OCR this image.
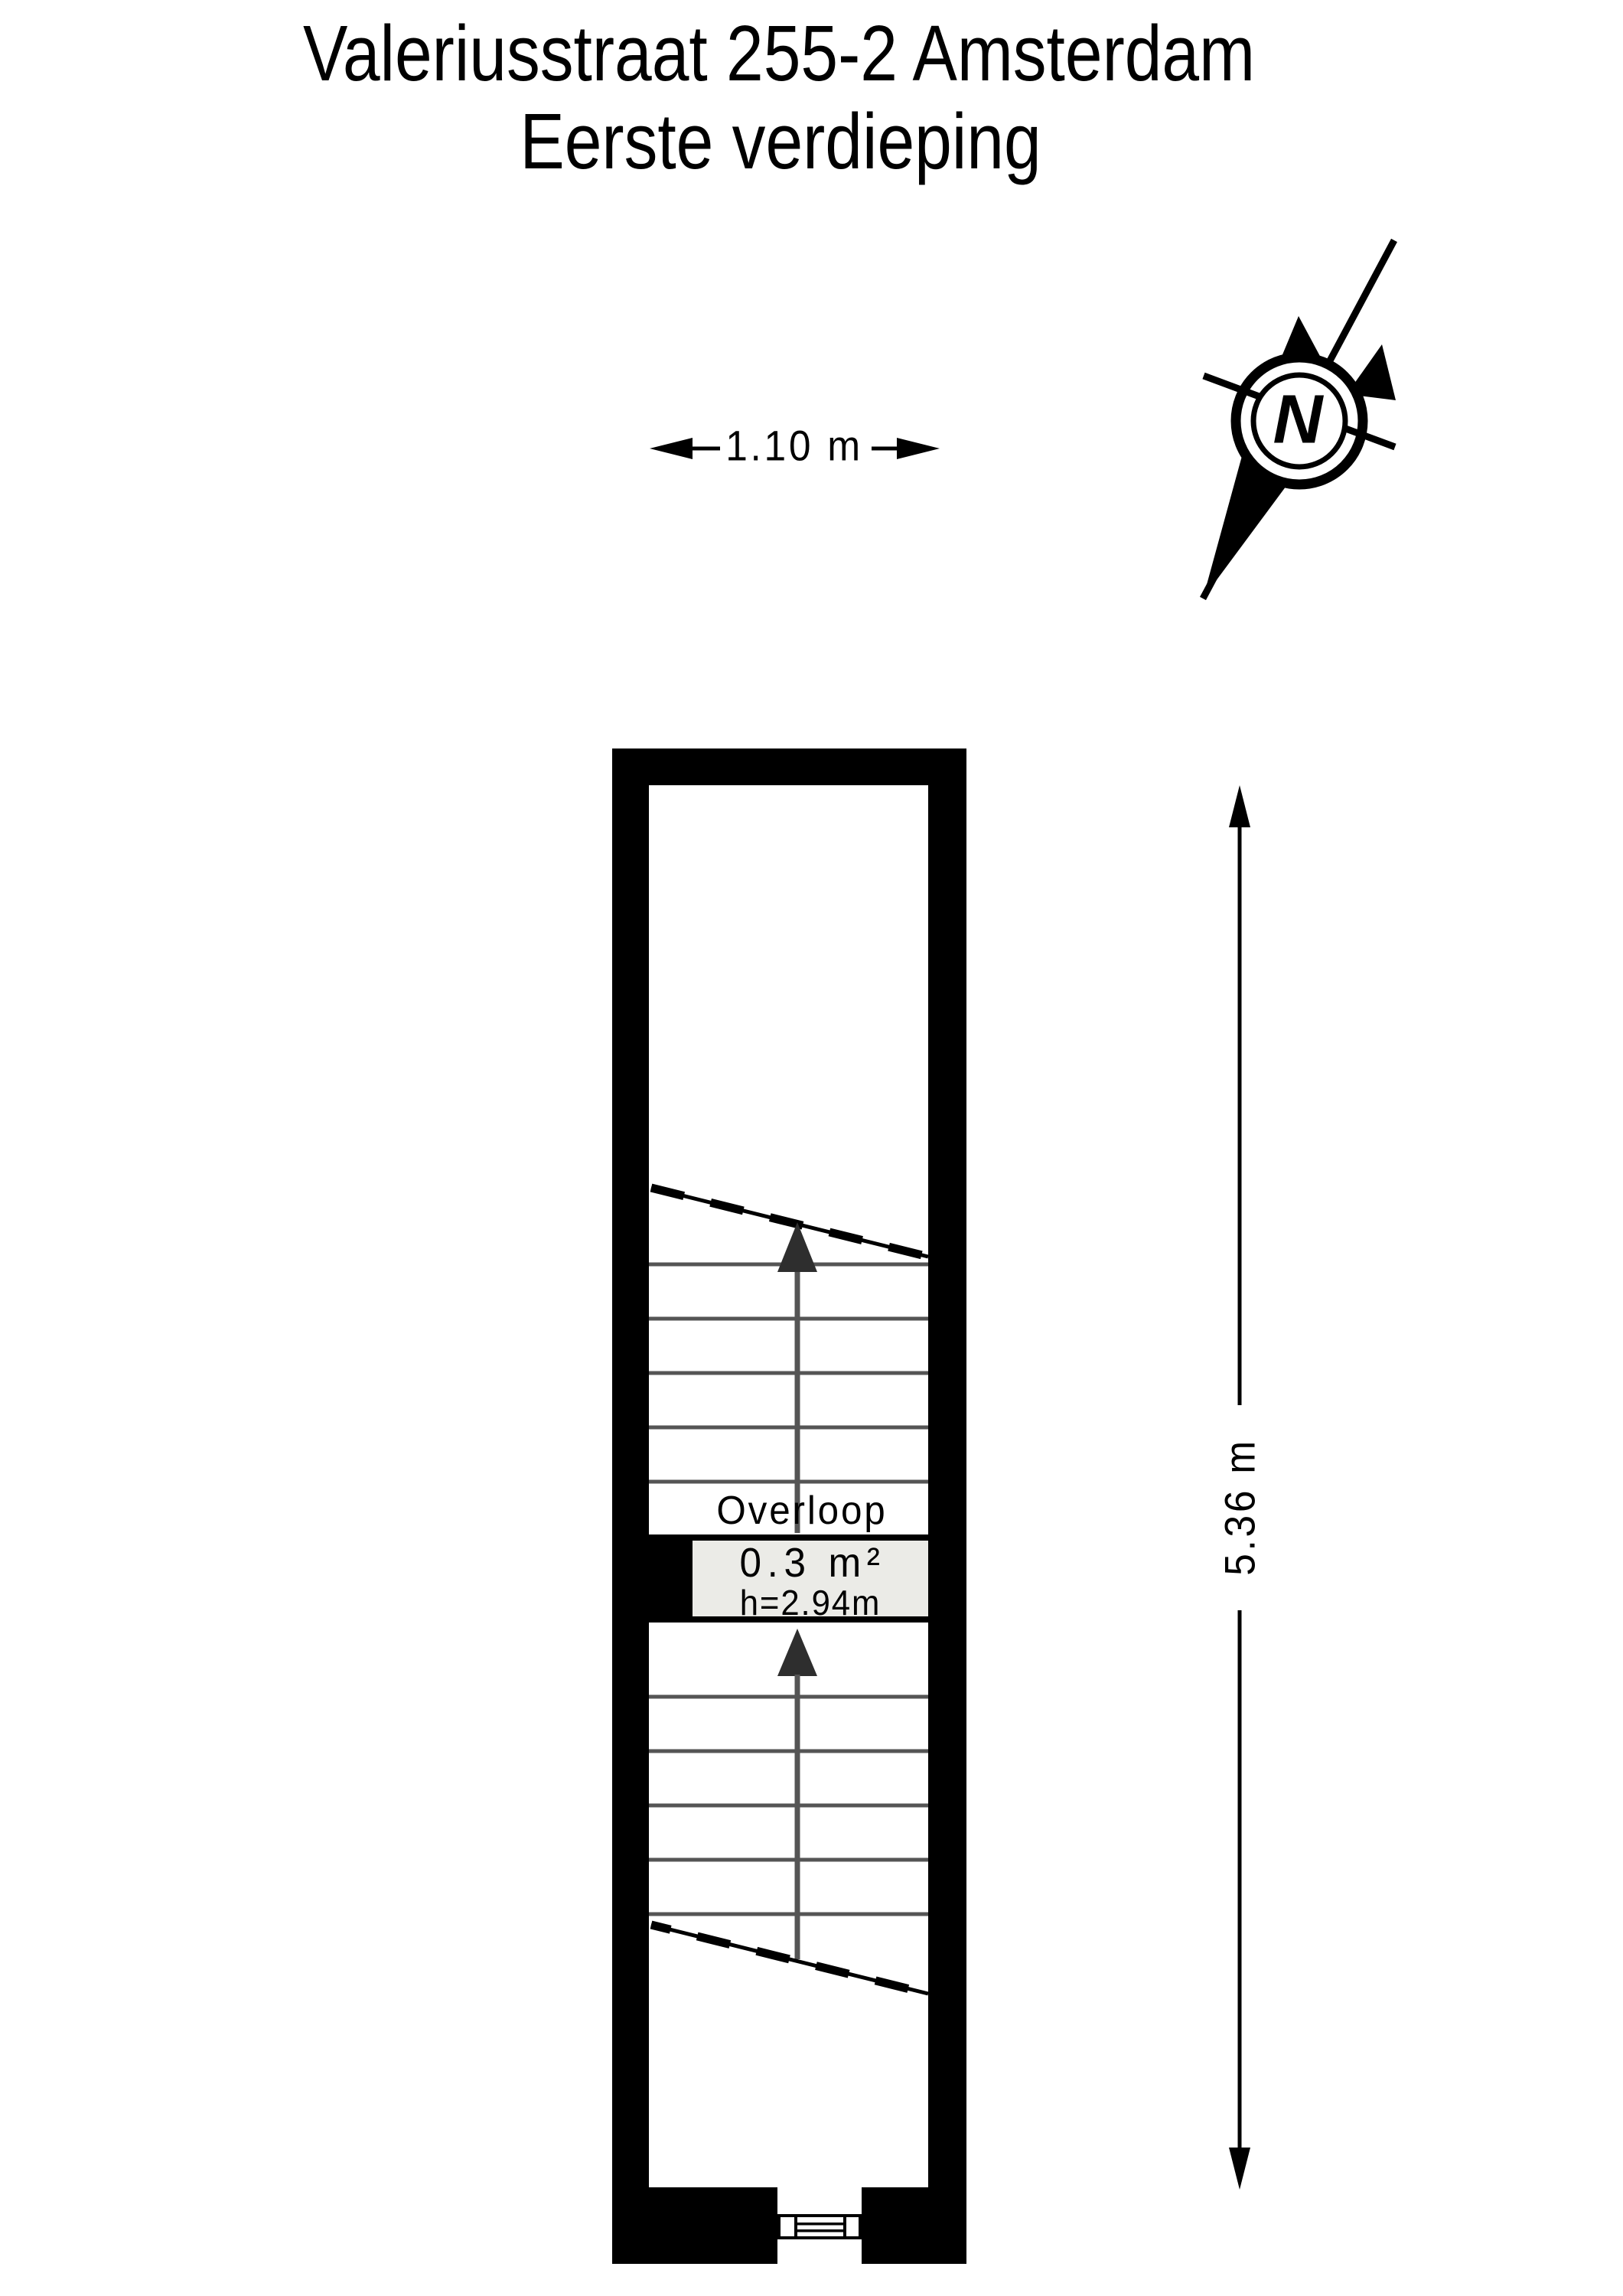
Valeriusstraat 255-2 Amsterdam
Eerste verdieping
1.10 m
5.36 m
Overloop
0.3 m²
h=2.94m
N
